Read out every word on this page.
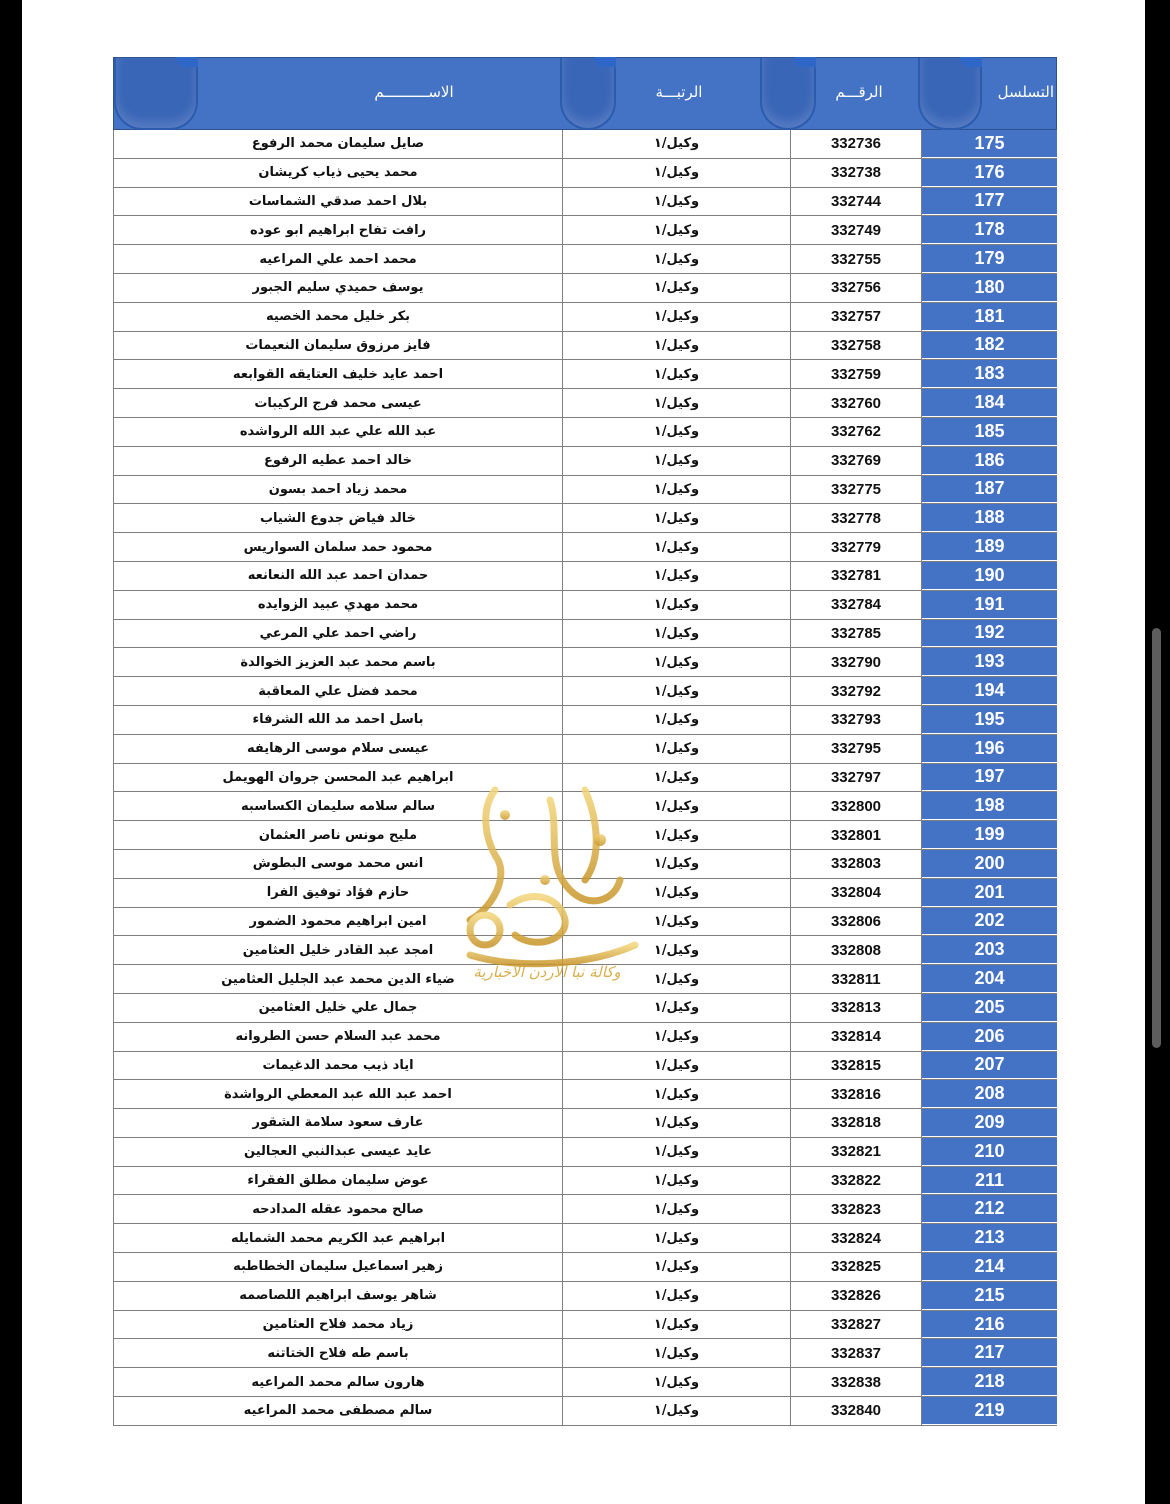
الاســــــــــم	الرتبـــة	الرقـــم	التسلسل
صايل سليمان محمد الرفوع	وكيل/١	332736	175
محمد يحيى ذياب كريشان	وكيل/١	332738	176
بلال احمد صدقي الشماسات	وكيل/١	332744	177
رافت تفاح ابراهيم ابو عوده	وكيل/١	332749	178
محمد احمد علي المراعيه	وكيل/١	332755	179
يوسف حميدي سليم الجبور	وكيل/١	332756	180
بكر خليل محمد الخصيه	وكيل/١	332757	181
فايز مرزوق سليمان النعيمات	وكيل/١	332758	182
احمد عايد خليف العتايقه القوابعه	وكيل/١	332759	183
عيسى محمد فرج الركيبات	وكيل/١	332760	184
عبد الله علي عبد الله الرواشده	وكيل/١	332762	185
خالد احمد عطيه الرفوع	وكيل/١	332769	186
محمد زياد احمد بسون	وكيل/١	332775	187
خالد فياض جدوع الشياب	وكيل/١	332778	188
محمود حمد سلمان السواريس	وكيل/١	332779	189
حمدان احمد عبد الله النعانعه	وكيل/١	332781	190
محمد مهدي عبيد الزوايده	وكيل/١	332784	191
راضي احمد علي المرعي	وكيل/١	332785	192
باسم محمد عبد العزيز الخوالدة	وكيل/١	332790	193
محمد فضل علي المعاقبة	وكيل/١	332792	194
باسل احمد مد الله الشرفاء	وكيل/١	332793	195
عيسى سلام موسى الرهايفه	وكيل/١	332795	196
ابراهيم عبد المحسن جروان الهويمل	وكيل/١	332797	197
سالم سلامه سليمان الكساسبه	وكيل/١	332800	198
مليح مونس ناصر العثمان	وكيل/١	332801	199
انس محمد موسى البطوش	وكيل/١	332803	200
حازم فؤاد توفيق الفرا	وكيل/١	332804	201
امين ابراهيم محمود الضمور	وكيل/١	332806	202
امجد عبد القادر خليل العثامين	وكيل/١	332808	203
ضياء الدين محمد عبد الجليل العثامين	وكيل/١	332811	204
جمال علي خليل العثامين	وكيل/١	332813	205
محمد عبد السلام حسن الطروانه	وكيل/١	332814	206
اياد ذيب محمد الدغيمات	وكيل/١	332815	207
احمد عبد الله عبد المعطي الرواشدة	وكيل/١	332816	208
عارف سعود سلامة الشقور	وكيل/١	332818	209
عايد عيسى عبدالنبي العجالين	وكيل/١	332821	210
عوض سليمان مطلق الفقراء	وكيل/١	332822	211
صالح محمود عقله المدادحه	وكيل/١	332823	212
ابراهيم عبد الكريم محمد الشمايله	وكيل/١	332824	213
زهير اسماعيل سليمان الخطاطبه	وكيل/١	332825	214
شاهر يوسف ابراهيم اللصاصمه	وكيل/١	332826	215
زياد محمد فلاح العثامين	وكيل/١	332827	216
باسم طه فلاح الختاتنه	وكيل/١	332837	217
هارون سالم محمد المراعيه	وكيل/١	332838	218
سالم مصطفى محمد المراعيه	وكيل/١	332840	219
وكالة نبأ الأردن الاخبارية
